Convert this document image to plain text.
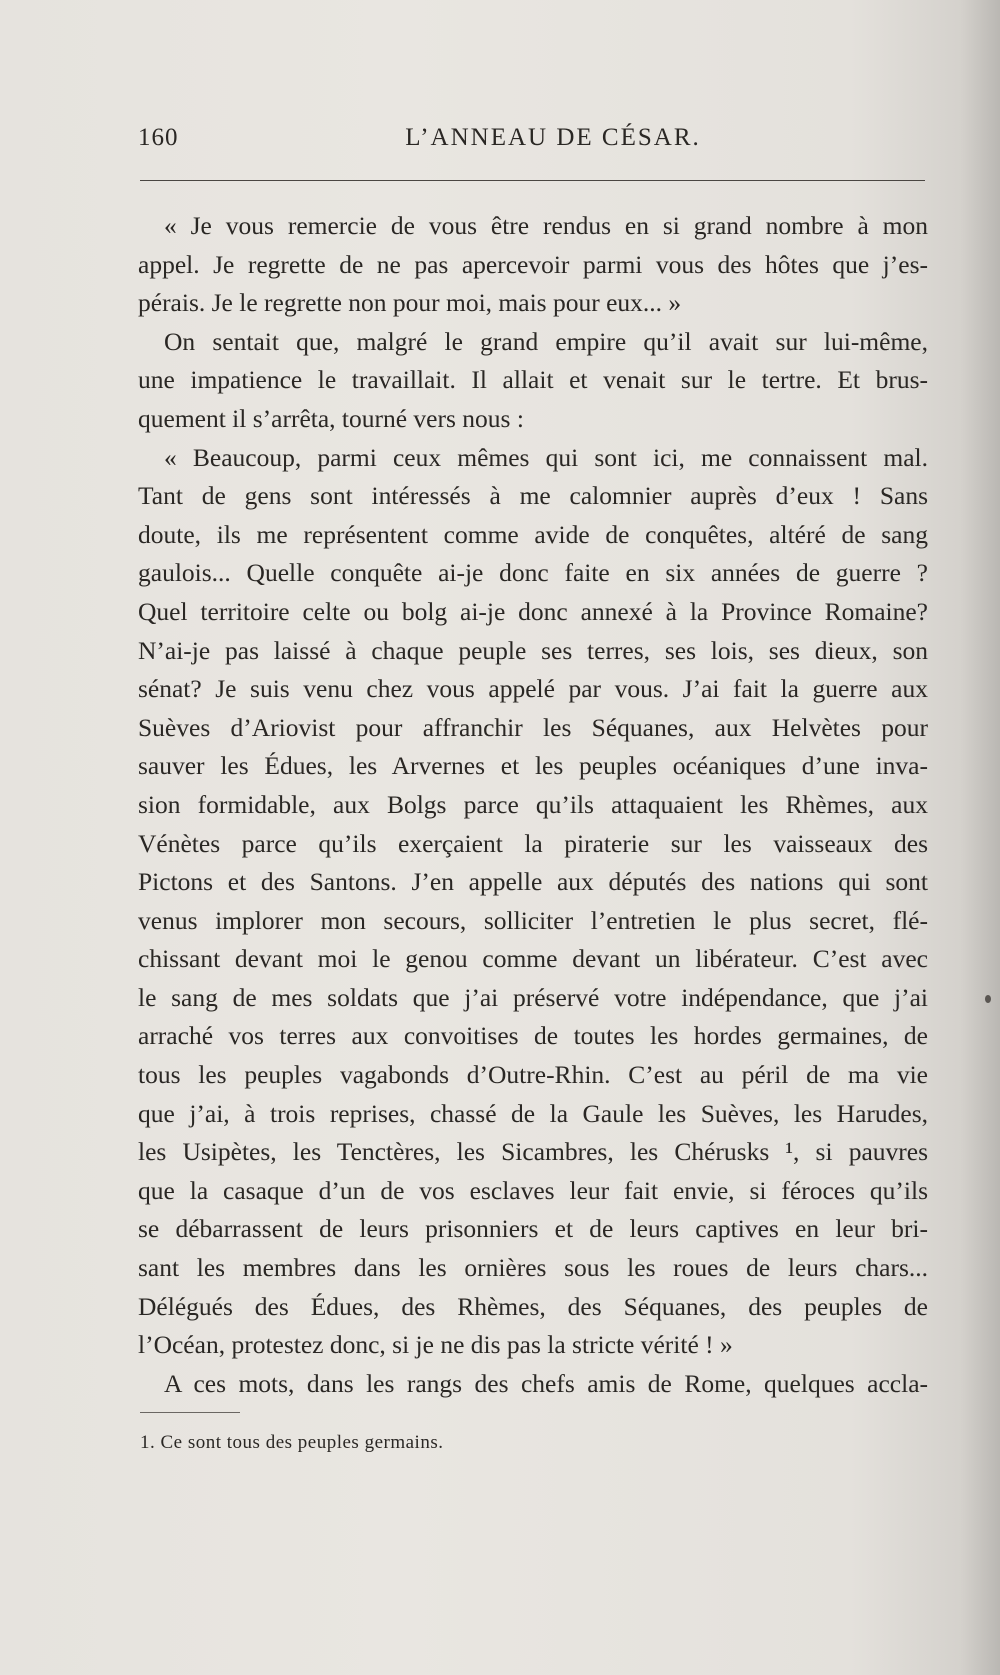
160	L’ANNEAU DE CÉSAR.
« Je vous remercie de vous être rendus en si grand nombre à mon
appel. Je regrette de ne pas apercevoir parmi vous des hôtes que j’es-
pérais. Je le regrette non pour moi, mais pour eux... »
On sentait que, malgré le grand empire qu’il avait sur lui-même,
une impatience le travaillait. Il allait et venait sur le tertre. Et brus-
quement il s’arrêta, tourné vers nous :
« Beaucoup, parmi ceux mêmes qui sont ici, me connaissent mal.
Tant de gens sont intéressés à me calomnier auprès d’eux ! Sans
doute, ils me représentent comme avide de conquêtes, altéré de sang
gaulois... Quelle conquête ai-je donc faite en six années de guerre ?
Quel territoire celte ou bolg ai-je donc annexé à la Province Romaine?
N’ai-je pas laissé à chaque peuple ses terres, ses lois, ses dieux, son
sénat? Je suis venu chez vous appelé par vous. J’ai fait la guerre aux
Suèves d’Ariovist pour affranchir les Séquanes, aux Helvètes pour
sauver les Édues, les Arvernes et les peuples océaniques d’une inva-
sion formidable, aux Bolgs parce qu’ils attaquaient les Rhèmes, aux
Vénètes parce qu’ils exerçaient la piraterie sur les vaisseaux des
Pictons et des Santons. J’en appelle aux députés des nations qui sont
venus implorer mon secours, solliciter l’entretien le plus secret, flé-
chissant devant moi le genou comme devant un libérateur. C’est avec
le sang de mes soldats que j’ai préservé votre indépendance, que j’ai
arraché vos terres aux convoitises de toutes les hordes germaines, de
tous les peuples vagabonds d’Outre-Rhin. C’est au péril de ma vie
que j’ai, à trois reprises, chassé de la Gaule les Suèves, les Harudes,
les Usipètes, les Tenctères, les Sicambres, les Chérusks ¹, si pauvres
que la casaque d’un de vos esclaves leur fait envie, si féroces qu’ils
se débarrassent de leurs prisonniers et de leurs captives en leur bri-
sant les membres dans les ornières sous les roues de leurs chars...
Délégués des Édues, des Rhèmes, des Séquanes, des peuples de
l’Océan, protestez donc, si je ne dis pas la stricte vérité ! »
A ces mots, dans les rangs des chefs amis de Rome, quelques accla-
1. Ce sont tous des peuples germains.
